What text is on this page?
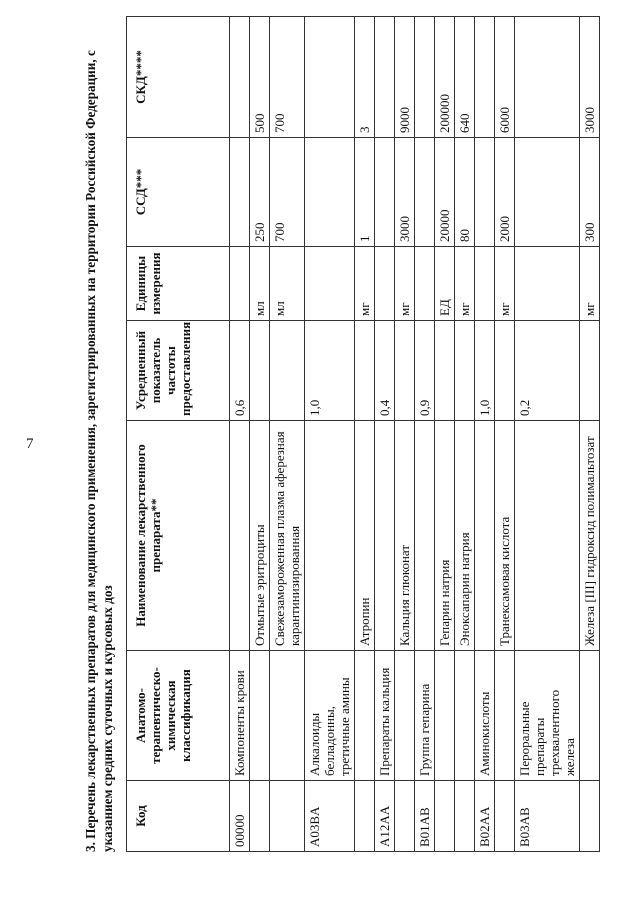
7	3. Перечень лекарственных препаратов для медицинского применения, зарегистрированных на территории Российской Федерации, с указанием средних суточных и курсовых доз Код	Анатомо-терапевтическо-химическая классификация	Наименование лекарственного препарата**	Усредненный показатель частоты предоставления	Единицы измерения	ССД***	СКД****
00000	Компоненты крови		0,6			
		Отмытые эритроциты		мл	250	500
		Свежезамороженная плазма аферезная карантинизированная		мл	700	700
A03BA	Алкалоиды белладонны, третичные амины		1,0			
		Атропин		мг	1	3
A12AA	Препараты кальция		0,4			
		Кальция глюконат		мг	3000	9000
B01AB	Группа гепарина		0,9			
		Гепарин натрия		ЕД	20000	200000
		Эноксапарин натрия		мг	80	640
B02AA	Аминокислоты		1,0			
		Транексамовая кислота		мг	2000	6000
B03AB	Пероральные препараты трехвалентного железа		0,2			
		Железа [III] гидроксид полимальтозат		мг	300	3000
